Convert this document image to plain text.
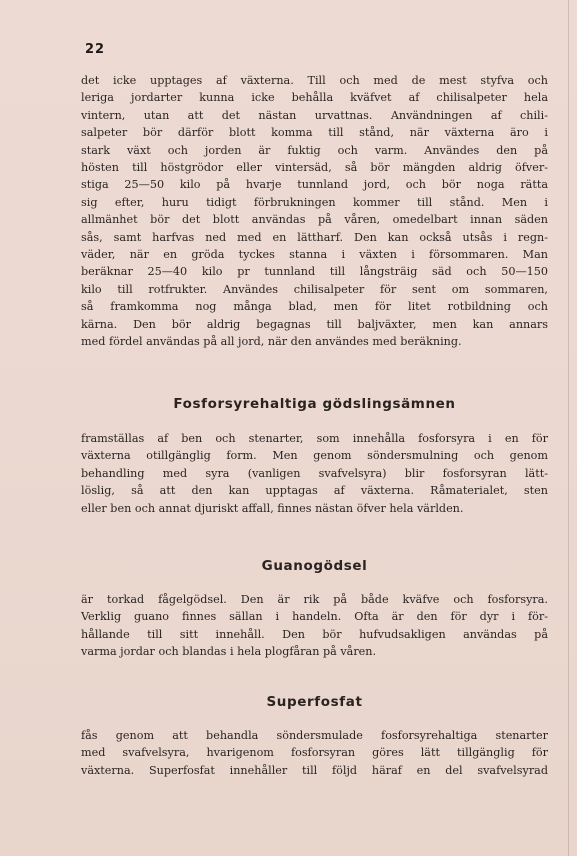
22
det icke upptages af växterna. Till och med de mest styfva och
leriga jordarter kunna icke behålla kväfvet af chilisalpeter hela
vintern, utan att det nästan urvattnas. Användningen af chili-
salpeter bör därför blott komma till stånd, när växterna äro i
stark växt och jorden är fuktig och varm. Användes den på
hösten till höstgrödor eller vintersäd, så bör mängden aldrig öfver-
stiga 25—50 kilo på hvarje tunnland jord, och bör noga rätta
sig efter, huru tidigt förbrukningen kommer till stånd. Men i
allmänhet bör det blott användas på våren, omedelbart innan säden
sås, samt harfvas ned med en lättharf. Den kan också utsås i regn-
väder, när en gröda tyckes stanna i växten i försommaren. Man
beräknar 25—40 kilo pr tunnland till långsträig säd och 50—150
kilo till rotfrukter. Användes chilisalpeter för sent om sommaren,
så framkomma nog många blad, men för litet rotbildning och
kärna. Den bör aldrig begagnas till baljväxter, men kan annars
med fördel användas på all jord, när den användes med beräkning.
Fosforsyrehaltiga gödslingsämnen
framställas af ben och stenarter, som innehålla fosforsyra i en för
växterna otillgänglig form. Men genom söndersmulning och genom
behandling med syra (vanligen svafvelsyra) blir fosforsyran lätt-
löslig, så att den kan upptagas af växterna. Råmaterialet, sten
eller ben och annat djuriskt affall, finnes nästan öfver hela världen.
Guanogödsel
är torkad fågelgödsel. Den är rik på både kväfve och fosforsyra.
Verklig guano finnes sällan i handeln. Ofta är den för dyr i för-
hållande till sitt innehåll. Den bör hufvudsakligen användas på
varma jordar och blandas i hela plogfåran på våren.
Superfosfat
fås genom att behandla söndersmulade fosforsyrehaltiga stenarter
med svafvelsyra, hvarigenom fosforsyran göres lätt tillgänglig för
växterna. Superfosfat innehåller till följd häraf en del svafvelsyrad
